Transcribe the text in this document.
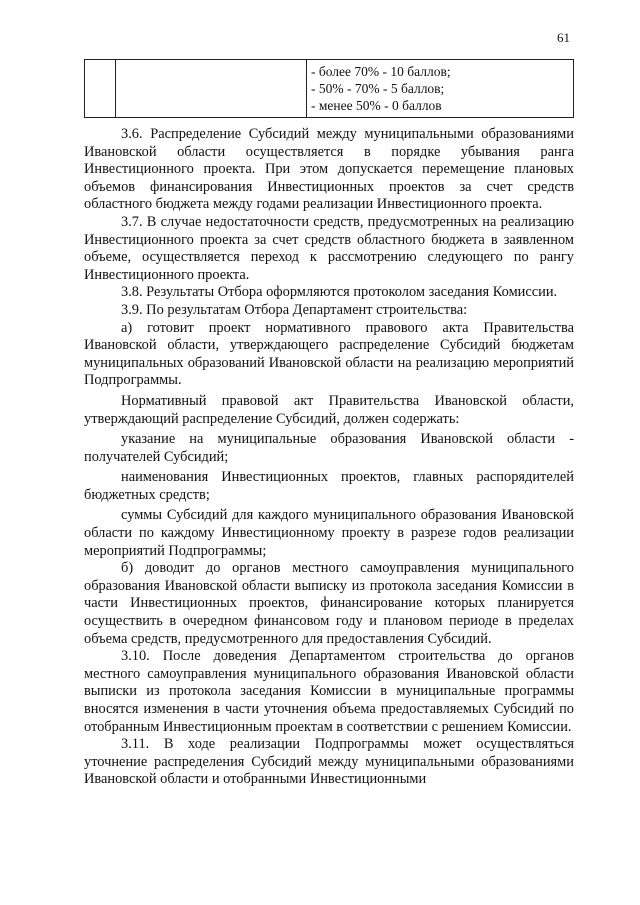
61

		- более 70% - 10 баллов;
- 50% - 70% - 5 баллов;
- менее 50% - 0 баллов

3.6. Распределение Субсидий между муниципальными образованиями Ивановской области осуществляется в порядке убывания ранга Инвестиционного проекта. При этом допускается перемещение плановых объемов финансирования Инвестиционных проектов за счет средств областного бюджета между годами реализации Инвестиционного проекта.

3.7. В случае недостаточности средств, предусмотренных на реализацию Инвестиционного проекта за счет средств областного бюджета в заявленном объеме, осуществляется переход к рассмотрению следующего по рангу Инвестиционного проекта.

3.8. Результаты Отбора оформляются протоколом заседания Комиссии.

3.9. По результатам Отбора Департамент строительства:

а) готовит проект нормативного правового акта Правительства Ивановской области, утверждающего распределение Субсидий бюджетам муниципальных образований Ивановской области на реализацию мероприятий Подпрограммы.

Нормативный правовой акт Правительства Ивановской области, утверждающий распределение Субсидий, должен содержать:

указание на муниципальные образования Ивановской области - получателей Субсидий;

наименования Инвестиционных проектов, главных распорядителей бюджетных средств;

суммы Субсидий для каждого муниципального образования Ивановской области по каждому Инвестиционному проекту в разрезе годов реализации мероприятий Подпрограммы;

б) доводит до органов местного самоуправления муниципального образования Ивановской области выписку из протокола заседания Комиссии в части Инвестиционных проектов, финансирование которых планируется осуществить в очередном финансовом году и плановом периоде в пределах объема средств, предусмотренного для предоставления Субсидий.

3.10. После доведения Департаментом строительства до органов местного самоуправления муниципального образования Ивановской области выписки из протокола заседания Комиссии в муниципальные программы вносятся изменения в части уточнения объема предоставляемых Субсидий по отобранным Инвестиционным проектам в соответствии с решением Комиссии.

3.11. В ходе реализации Подпрограммы может осуществляться уточнение распределения Субсидий между муниципальными образованиями Ивановской области и отобранными Инвестиционными
